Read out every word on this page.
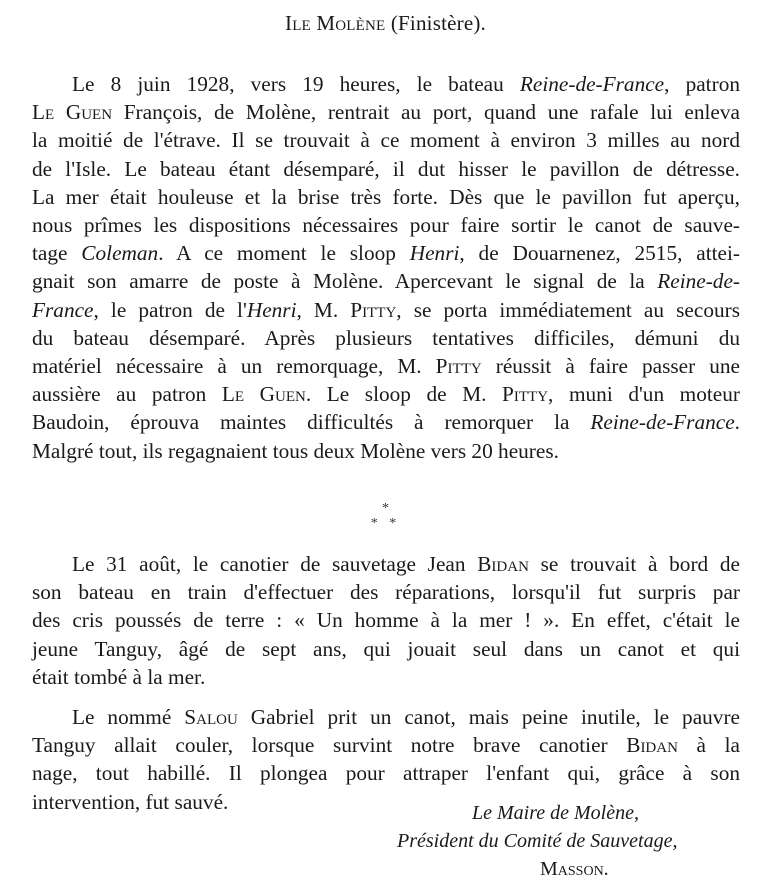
Ile Molène (Finistère).
Le 8 juin 1928, vers 19 heures, le bateau Reine-de-France, patron
Le Guen François, de Molène, rentrait au port, quand une rafale lui enleva
la moitié de l'étrave. Il se trouvait à ce moment à environ 3 milles au nord
de l'Isle. Le bateau étant désemparé, il dut hisser le pavillon de détresse.
La mer était houleuse et la brise très forte. Dès que le pavillon fut aperçu,
nous prîmes les dispositions nécessaires pour faire sortir le canot de sauve-
tage Coleman. A ce moment le sloop Henri, de Douarnenez, 2515, attei-
gnait son amarre de poste à Molène. Apercevant le signal de la Reine-de-
France, le patron de l'Henri, M. Pitty, se porta immédiatement au secours
du bateau désemparé. Après plusieurs tentatives difficiles, démuni du
matériel nécessaire à un remorquage, M. Pitty réussit à faire passer une
aussière au patron Le Guen. Le sloop de M. Pitty, muni d'un moteur
Baudoin, éprouva maintes difficultés à remorquer la Reine-de-France.
Malgré tout, ils regagnaient tous deux Molène vers 20 heures.
*
* *
Le 31 août, le canotier de sauvetage Jean Bidan se trouvait à bord de
son bateau en train d'effectuer des réparations, lorsqu'il fut surpris par
des cris poussés de terre : « Un homme à la mer ! ». En effet, c'était le
jeune Tanguy, âgé de sept ans, qui jouait seul dans un canot et qui
était tombé à la mer.
Le nommé Salou Gabriel prit un canot, mais peine inutile, le pauvre
Tanguy allait couler, lorsque survint notre brave canotier Bidan à la
nage, tout habillé. Il plongea pour attraper l'enfant qui, grâce à son
intervention, fut sauvé.	Le Maire de Molène,
Président du Comité de Sauvetage,
Masson.
